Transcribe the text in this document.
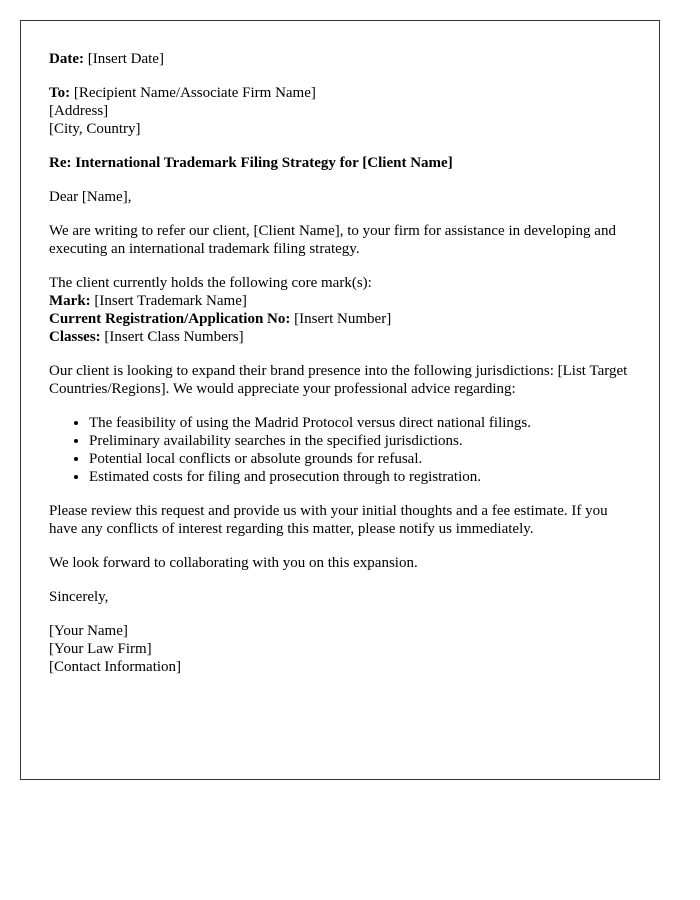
Date: [Insert Date]

To: [Recipient Name/Associate Firm Name]
[Address]
[City, Country]

Re: International Trademark Filing Strategy for [Client Name]

Dear [Name],

We are writing to refer our client, [Client Name], to your firm for assistance in developing and executing an international trademark filing strategy.

The client currently holds the following core mark(s):
Mark: [Insert Trademark Name]
Current Registration/Application No: [Insert Number]
Classes: [Insert Class Numbers]

Our client is looking to expand their brand presence into the following jurisdictions: [List Target Countries/Regions]. We would appreciate your professional advice regarding:

• The feasibility of using the Madrid Protocol versus direct national filings.
• Preliminary availability searches in the specified jurisdictions.
• Potential local conflicts or absolute grounds for refusal.
• Estimated costs for filing and prosecution through to registration.

Please review this request and provide us with your initial thoughts and a fee estimate. If you have any conflicts of interest regarding this matter, please notify us immediately.

We look forward to collaborating with you on this expansion.

Sincerely,

[Your Name]
[Your Law Firm]
[Contact Information]
